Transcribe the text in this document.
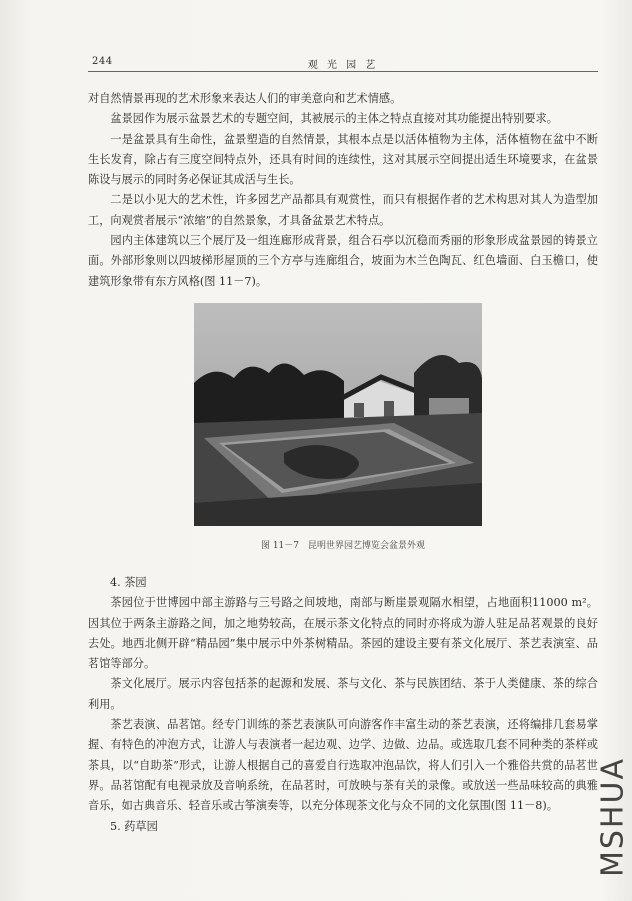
244	观 光 园 艺

对自然情景再现的艺术形象来表达人们的审美意向和艺术情感。

盆景园作为展示盆景艺术的专题空间，其被展示的主体之特点直接对其功能提出特别要求。

一是盆景具有生命性，盆景塑造的自然情景，其根本点是以活体植物为主体，活体植物在盆中不断生长发育，除占有三度空间特点外，还具有时间的连续性，这对其展示空间提出适生环境要求，在盆景陈设与展示的同时务必保证其成活与生长。

二是以小见大的艺术性，许多园艺产品都具有观赏性，而只有根据作者的艺术构思对其人为造型加工，向观赏者展示“浓缩”的自然景象，才具备盆景艺术特点。

园内主体建筑以三个展厅及一组连廊形成背景，组合石亭以沉稳而秀丽的形象形成盆景园的铸景立面。外部形象则以四坡梯形屋顶的三个方亭与连廊组合，坡面为木兰色陶瓦、红色墙面、白玉檐口，使建筑形象带有东方风格(图 11－7)。

图 11－7　昆明世界园艺博览会盆景外观
4. 茶园

茶园位于世博园中部主游路与三号路之间坡地，南部与断崖景观隔水相望，占地面积11000 m²。因其位于两条主游路之间，加之地势较高，在展示茶文化特点的同时亦将成为游人驻足品茗观景的良好去处。地西北侧开辟“精品园”集中展示中外茶树精品。茶园的建设主要有茶文化展厅、茶艺表演室、品茗馆等部分。

茶文化展厅。展示内容包括茶的起源和发展、茶与文化、茶与民族团结、茶于人类健康、茶的综合利用。

茶艺表演、品茗馆。经专门训练的茶艺表演队可向游客作丰富生动的茶艺表演，还将编排几套易掌握、有特色的冲泡方式，让游人与表演者一起边观、边学、边做、边品。或选取几套不同种类的茶样或茶具，以“自助茶”形式，让游人根据自己的喜爱自行选取冲泡品饮，将人们引入一个雅俗共赏的品茗世界。品茗馆配有电视录放及音响系统，在品茗时，可放映与茶有关的录像。或放送一些品味较高的典雅音乐，如古典音乐、轻音乐或古筝演奏等，以充分体现茶文化与众不同的文化氛围(图 11－8)。

5. 药草园	MSHUA
